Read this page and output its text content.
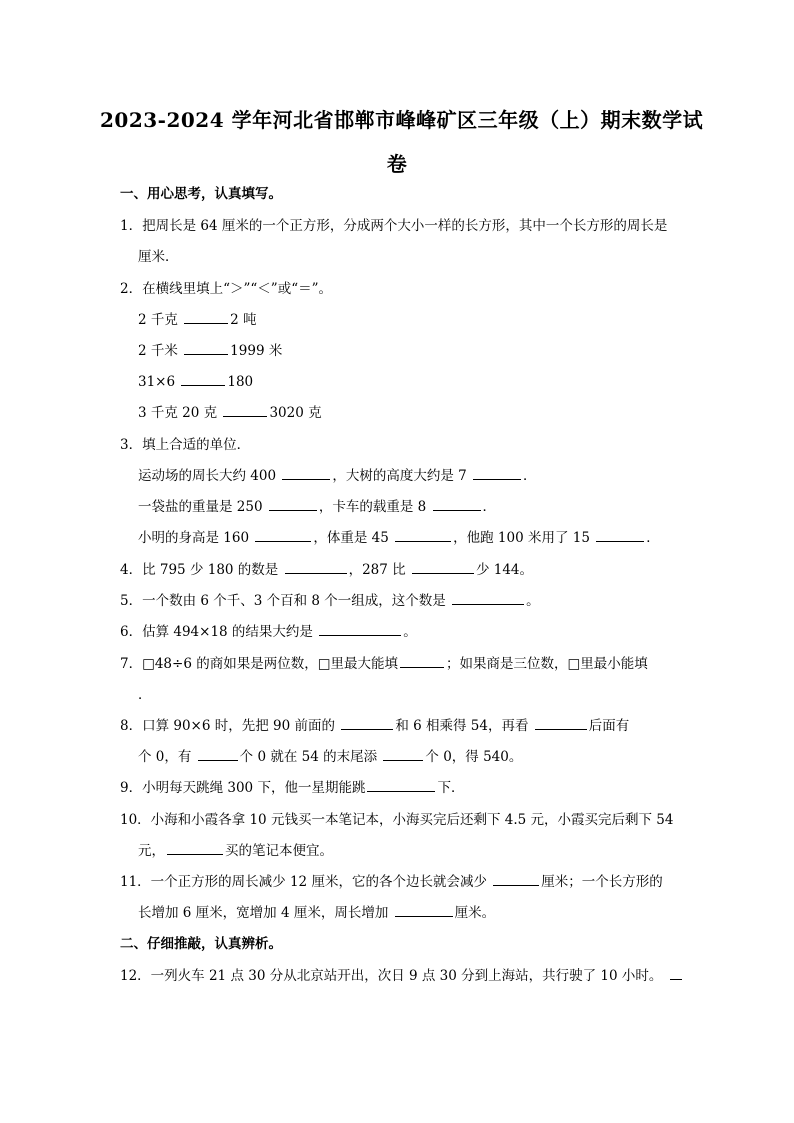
2023-2024 学年河北省邯郸市峰峰矿区三年级（上）期末数学试
卷
一、用心思考，认真填写。
1．把周长是 64 厘米的一个正方形，分成两个大小一样的长方形，其中一个长方形的周长是
厘米．
2．在横线里填上“＞”“＜”或“＝”。
2 千克	2 吨
2 千米	1999 米
31×6	180
3 千克 20 克	3020 克
3．填上合适的单位．
运动场的周长大约 400	，大树的高度大约是 7	．
一袋盐的重量是 250	，卡车的载重是 8	．
小明的身高是 160	，体重是 45	，他跑 100 米用了 15	．
4．比 795 少 180 的数是	，287 比	少 144。
5．一个数由 6 个千、3 个百和 8 个一组成，这个数是	。
6．估算 494×18 的结果大约是	。
7．□48÷6 的商如果是两位数，□里最大能填	；如果商是三位数，□里最小能填
．
8．口算 90×6 时，先把 90 前面的	和 6 相乘得 54，再看	后面有
个 0，有	个 0 就在 54 的末尾添	个 0，得 540。
9．小明每天跳绳 300 下，他一星期能跳	下．
10．小海和小霞各拿 10 元钱买一本笔记本，小海买完后还剩下 4.5 元，小霞买完后剩下 54
元，	买的笔记本便宜。
11．一个正方形的周长减少 12 厘米，它的各个边长就会减少	厘米；一个长方形的
长增加 6 厘米，宽增加 4 厘米，周长增加	厘米。
二、仔细推敲，认真辨析。
12．一列火车 21 点 30 分从北京站开出，次日 9 点 30 分到上海站，共行驶了 10 小时。
